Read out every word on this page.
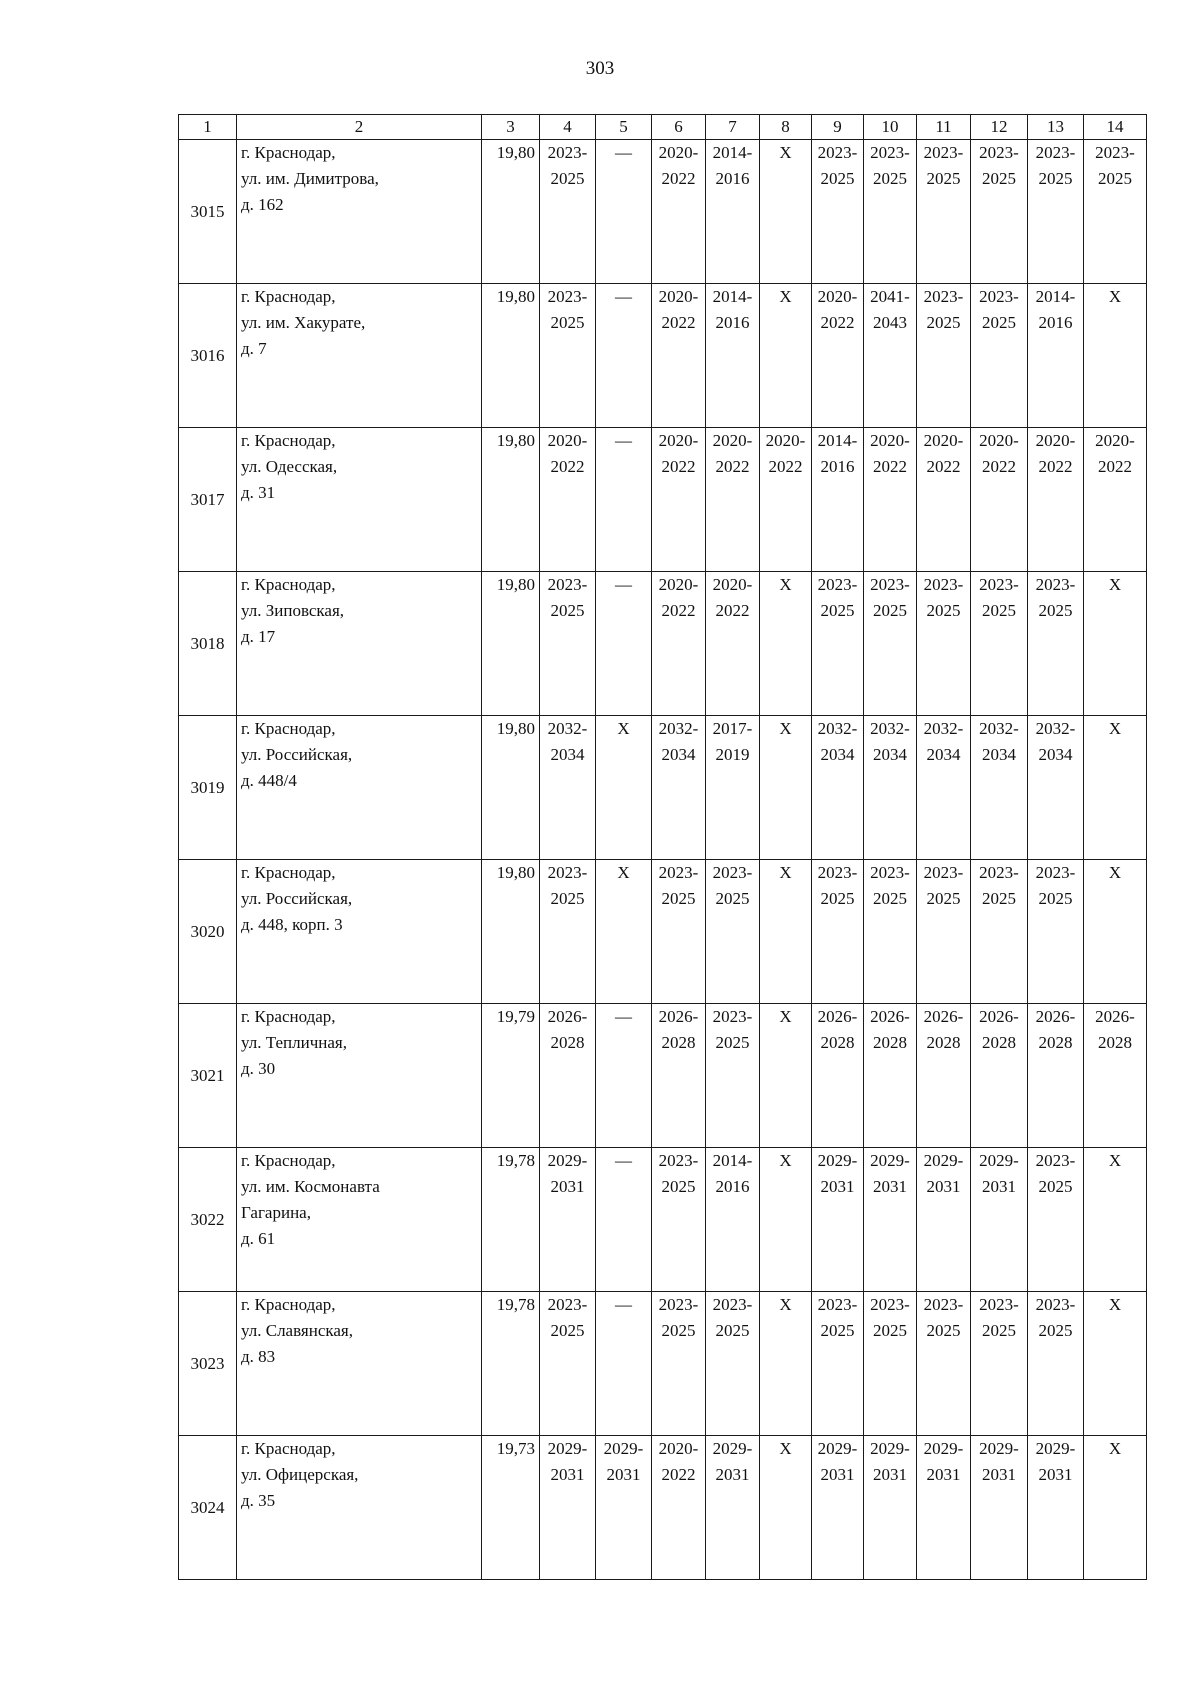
303
1	2	3	4	5	6	7	8	9	10	11	12	13	14
3015	г. Краснодар,
ул. им. Димитрова,
д. 162	19,80	2023-
2025	—	2020-
2022	2014-
2016	Х	2023-
2025	2023-
2025	2023-
2025	2023-
2025	2023-
2025	2023-
2025

3016	г. Краснодар,
ул. им. Хакурате,
д. 7	19,80	2023-
2025	—	2020-
2022	2014-
2016	Х	2020-
2022	2041-
2043	2023-
2025	2023-
2025	2014-
2016	Х

3017	г. Краснодар,
ул. Одесская,
д. 31	19,80	2020-
2022	—	2020-
2022	2020-
2022	2020-
2022	2014-
2016	2020-
2022	2020-
2022	2020-
2022	2020-
2022	2020-
2022

3018	г. Краснодар,
ул. Зиповская,
д. 17	19,80	2023-
2025	—	2020-
2022	2020-
2022	Х	2023-
2025	2023-
2025	2023-
2025	2023-
2025	2023-
2025	Х

3019	г. Краснодар,
ул. Российская,
д. 448/4	19,80	2032-
2034	Х	2032-
2034	2017-
2019	Х	2032-
2034	2032-
2034	2032-
2034	2032-
2034	2032-
2034	Х

3020	г. Краснодар,
ул. Российская,
д. 448, корп. 3	19,80	2023-
2025	Х	2023-
2025	2023-
2025	Х	2023-
2025	2023-
2025	2023-
2025	2023-
2025	2023-
2025	Х

3021	г. Краснодар,
ул. Тепличная,
д. 30	19,79	2026-
2028	—	2026-
2028	2023-
2025	Х	2026-
2028	2026-
2028	2026-
2028	2026-
2028	2026-
2028	2026-
2028

3022	г. Краснодар,
ул. им. Космонавта
Гагарина,
д. 61	19,78	2029-
2031	—	2023-
2025	2014-
2016	Х	2029-
2031	2029-
2031	2029-
2031	2029-
2031	2023-
2025	Х

3023	г. Краснодар,
ул. Славянская,
д. 83	19,78	2023-
2025	—	2023-
2025	2023-
2025	Х	2023-
2025	2023-
2025	2023-
2025	2023-
2025	2023-
2025	Х

3024	г. Краснодар,
ул. Офицерская,
д. 35	19,73	2029-
2031	2029-
2031	2020-
2022	2029-
2031	Х	2029-
2031	2029-
2031	2029-
2031	2029-
2031	2029-
2031	Х
